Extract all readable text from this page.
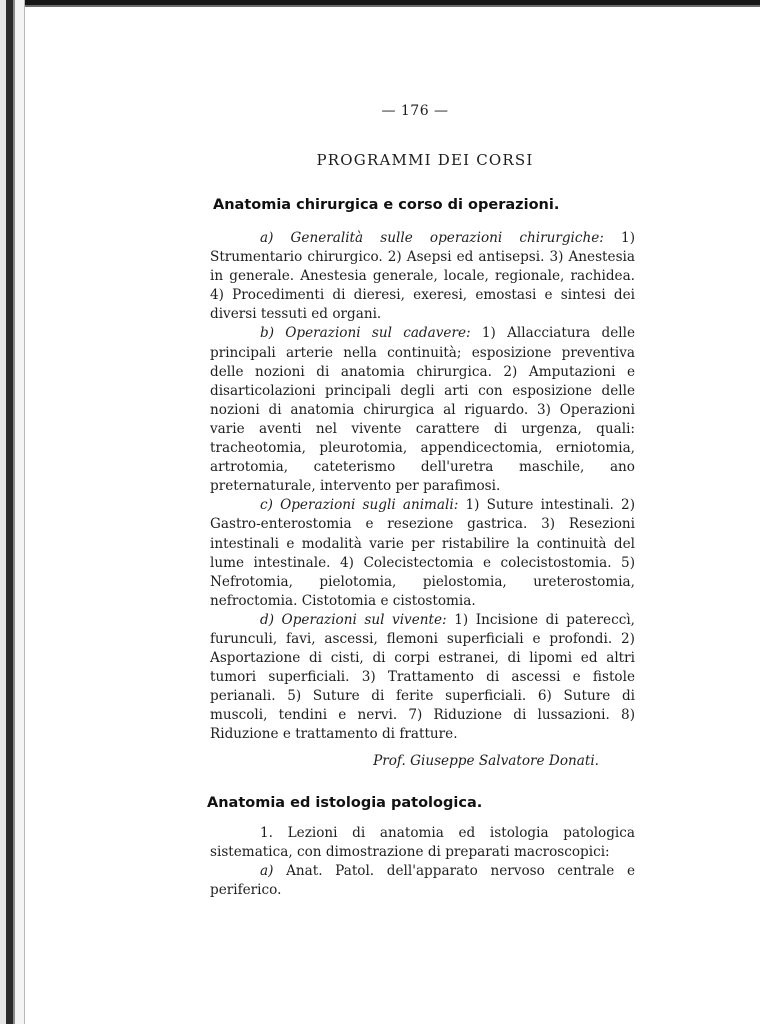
— 176 —
PROGRAMMI DEI CORSI
Anatomia chirurgica e corso di operazioni.

a) Generalità sulle operazioni chirurgiche: 1) Strumentario chirurgico. 2) Asepsi ed antisepsi. 3) Anestesia in generale. Anestesia generale, locale, regionale, rachidea. 4) Procedimenti di dieresi, exeresi, emostasi e sintesi dei diversi tessuti ed organi.

b) Operazioni sul cadavere: 1) Allacciatura delle principali arterie nella continuità; esposizione preventiva delle nozioni di anatomia chirurgica. 2) Amputazioni e disarticolazioni principali degli arti con esposizione delle nozioni di anatomia chirurgica al riguardo. 3) Operazioni varie aventi nel vivente carattere di urgenza, quali: tracheotomia, pleurotomia, appendicectomia, erniotomia, artrotomia, cateterismo dell'uretra maschile, ano preternaturale, intervento per parafimosi.

c) Operazioni sugli animali: 1) Suture intestinali. 2) Gastro-enterostomia e resezione gastrica. 3) Resezioni intestinali e modalità varie per ristabilire la continuità del lume intestinale. 4) Colecistectomia e colecistostomia. 5) Nefrotomia, pielotomia, pielostomia, ureterostomia, nefroctomia. Cistotomia e cistostomia.

d) Operazioni sul vivente: 1) Incisione di patereccì, furunculi, favi, ascessi, flemoni superficiali e profondi. 2) Asportazione di cisti, di corpi estranei, di lipomi ed altri tumori superficiali. 3) Trattamento di ascessi e fistole perianali. 5) Suture di ferite superficiali. 6) Suture di muscoli, tendini e nervi. 7) Riduzione di lussazioni. 8) Riduzione e trattamento di fratture.

Prof. Giuseppe Salvatore Donati.
Anatomia ed istologia patologica.

1. Lezioni di anatomia ed istologia patologica sistematica, con dimostrazione di preparati macroscopici:

a) Anat. Patol. dell'apparato nervoso centrale e periferico.
